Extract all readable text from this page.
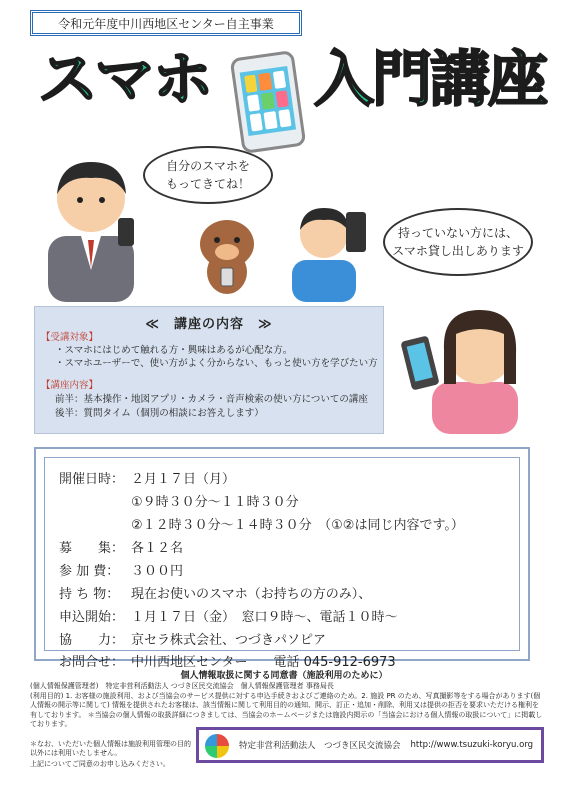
令和元年度中川西地区センター自主事業
スマホ 入門講座
自分のスマホを
もってきてね！
持っていない方には、
スマホ貸し出しあります
≪　講座の内容　≫
【受講対象】
・スマホにはじめて触れる方・興味はあるが心配な方。
・スマホユーザーで、使い方がよく分からない、もっと使い方を学びたい方
【講座内容】
前半：基本操作・地図アプリ・カメラ・音声検索の使い方についての講座
後半：質問タイム（個別の相談にお答えします）
開催日時： ２月１７日（月）
①９時３０分～１１時３０分
②１２時３０分～１４時３０分　（①②は同じ内容です。）
募　　集： 各１２名
参 加 費： ３００円
持 ち 物： 現在お使いのスマホ（お持ちの方のみ）、
申込開始： １月１７日（金）　窓口９時～、電話１０時～
協　　力： 京セラ株式会社、つづきパソピア
お問合せ： 中川西地区センター　　電話 045-912-6973
個人情報取扱に関する同意書（施設利用のために）
(個人情報保護管理者)　特定非営利活動法人 つづき区民交流協会　個人情報保護管理者 事務局長
(利用目的) 1. お客様の施設利用、および当協会のサービス提供に対する申込手続きおよびご連絡のため。2. 施設 PR のため、写真撮影等をする場合があります(個人情報の開示等に関して) 情報を提供されたお客様は、該当情報に関して利用目的の通知、開示、訂正・追加・削除、利用又は提供の拒否を要求いただける権利を有しております。 ＊当協会の個人情報の取扱詳細につきましては、当協会のホームページまたは施設内掲示の「当協会における個人情報の取扱について」に掲載しております。
＊なお、いただいた個人情報は施設利用管理の目的以外には利用いたしません。
上記についてご同意のお申し込みください。
特定非営利活動法人　つづき区民交流協会 http://www.tsuzuki-koryu.org
